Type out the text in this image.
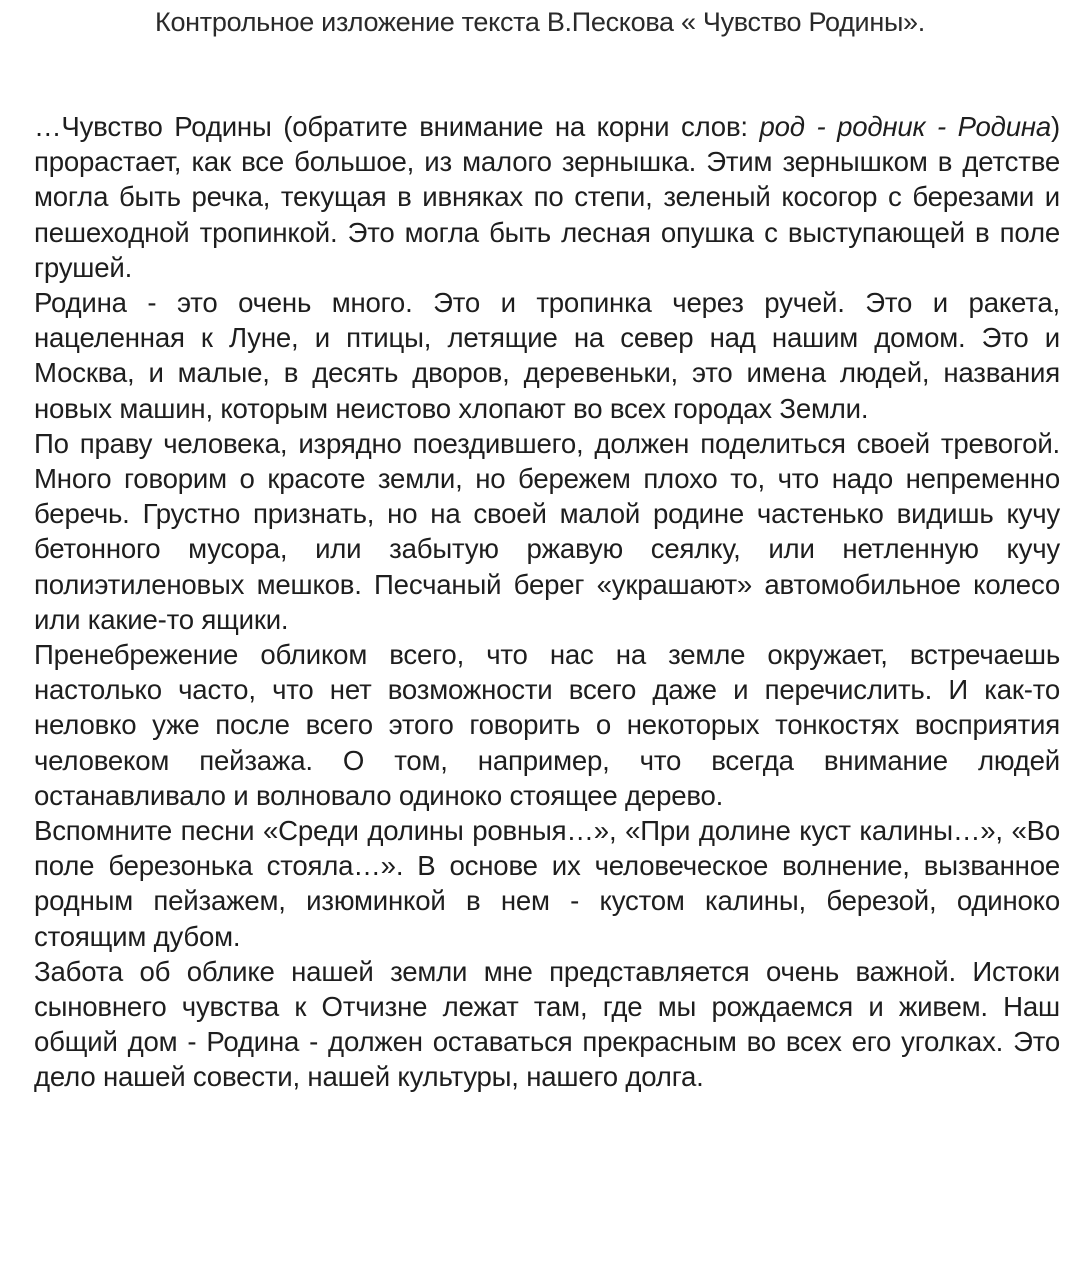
Контрольное изложение текста В.Пескова « Чувство Родины».

…Чувство Родины (обратите внимание на корни слов: род - родник - Родина) прорастает, как все большое, из малого зернышка. Этим зернышком в детстве могла быть речка, текущая в ивняках по степи, зеленый косогор с березами и пешеходной тропинкой. Это могла быть лесная опушка с выступающей в поле грушей.

Родина - это очень много. Это и тропинка через ручей. Это и ракета, нацеленная к Луне, и птицы, летящие на север над нашим домом. Это и Москва, и малые, в десять дворов, деревеньки, это имена людей, названия новых машин, которым неистово хлопают во всех городах Земли.

По праву человека, изрядно поездившего, должен поделиться своей тревогой. Много говорим о красоте земли, но бережем плохо то, что надо непременно беречь. Грустно признать, но на своей малой родине частенько видишь кучу бетонного мусора, или забытую ржавую сеялку, или нетленную кучу полиэтиленовых мешков. Песчаный берег «украшают» автомобильное колесо или какие-то ящики.

Пренебрежение обликом всего, что нас на земле окружает, встречаешь настолько часто, что нет возможности всего даже и перечислить. И как-то неловко уже после всего этого говорить о некоторых тонкостях восприятия человеком пейзажа. О том, например, что всегда внимание людей останавливало и волновало одиноко стоящее дерево.

Вспомните песни «Среди долины ровныя…», «При долине куст калины…», «Во поле березонька стояла…». В основе их человеческое волнение, вызванное родным пейзажем, изюминкой в нем - кустом калины, березой, одиноко стоящим дубом.

Забота об облике нашей земли мне представляется очень важной. Истоки сыновнего чувства к Отчизне лежат там, где мы рождаемся и живем. Наш общий дом - Родина - должен оставаться прекрасным во всех его уголках. Это дело нашей совести, нашей культуры, нашего долга.
